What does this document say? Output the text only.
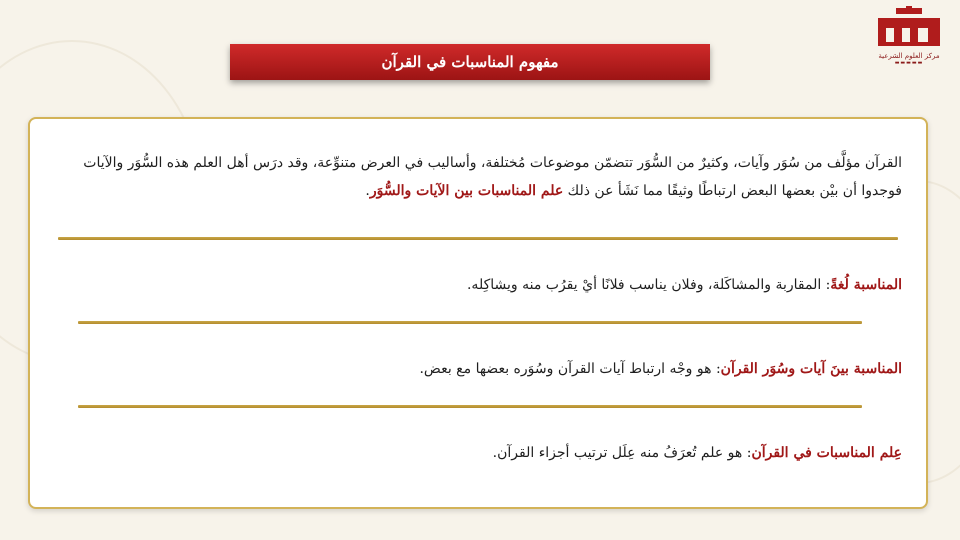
مركز العلوم الشرعية
▬▬▬▬▬
مفهوم المناسبات في القرآن
القرآن مؤلَّف من سُوَر وآيات، وكثيرٌ من السُّوَر تتضمّن موضوعات مُختلفة، وأساليب في العرض متنوِّعة، وقد درَس أهل العلم هذه السُّوَر والآيات فوجدوا أن بيْن بعضها البعض ارتباطًا وثيقًا مما نَشَأ عن ذلك علم المناسبات بين الآيات والسُّوَر.
المناسبة لُغةً: المقاربة والمشاكَلة، وفلان يناسب فلانًا أيْ يقرُب منه ويشاكِله.
المناسبة بينَ آيات وسُوَر القرآن: هو وجْه ارتباط آيات القرآن وسُوَره بعضها مع بعض.
عِلم المناسبات في القرآن: هو علم تُعرَفُ منه عِلَل ترتيب أجزاء القرآن.
